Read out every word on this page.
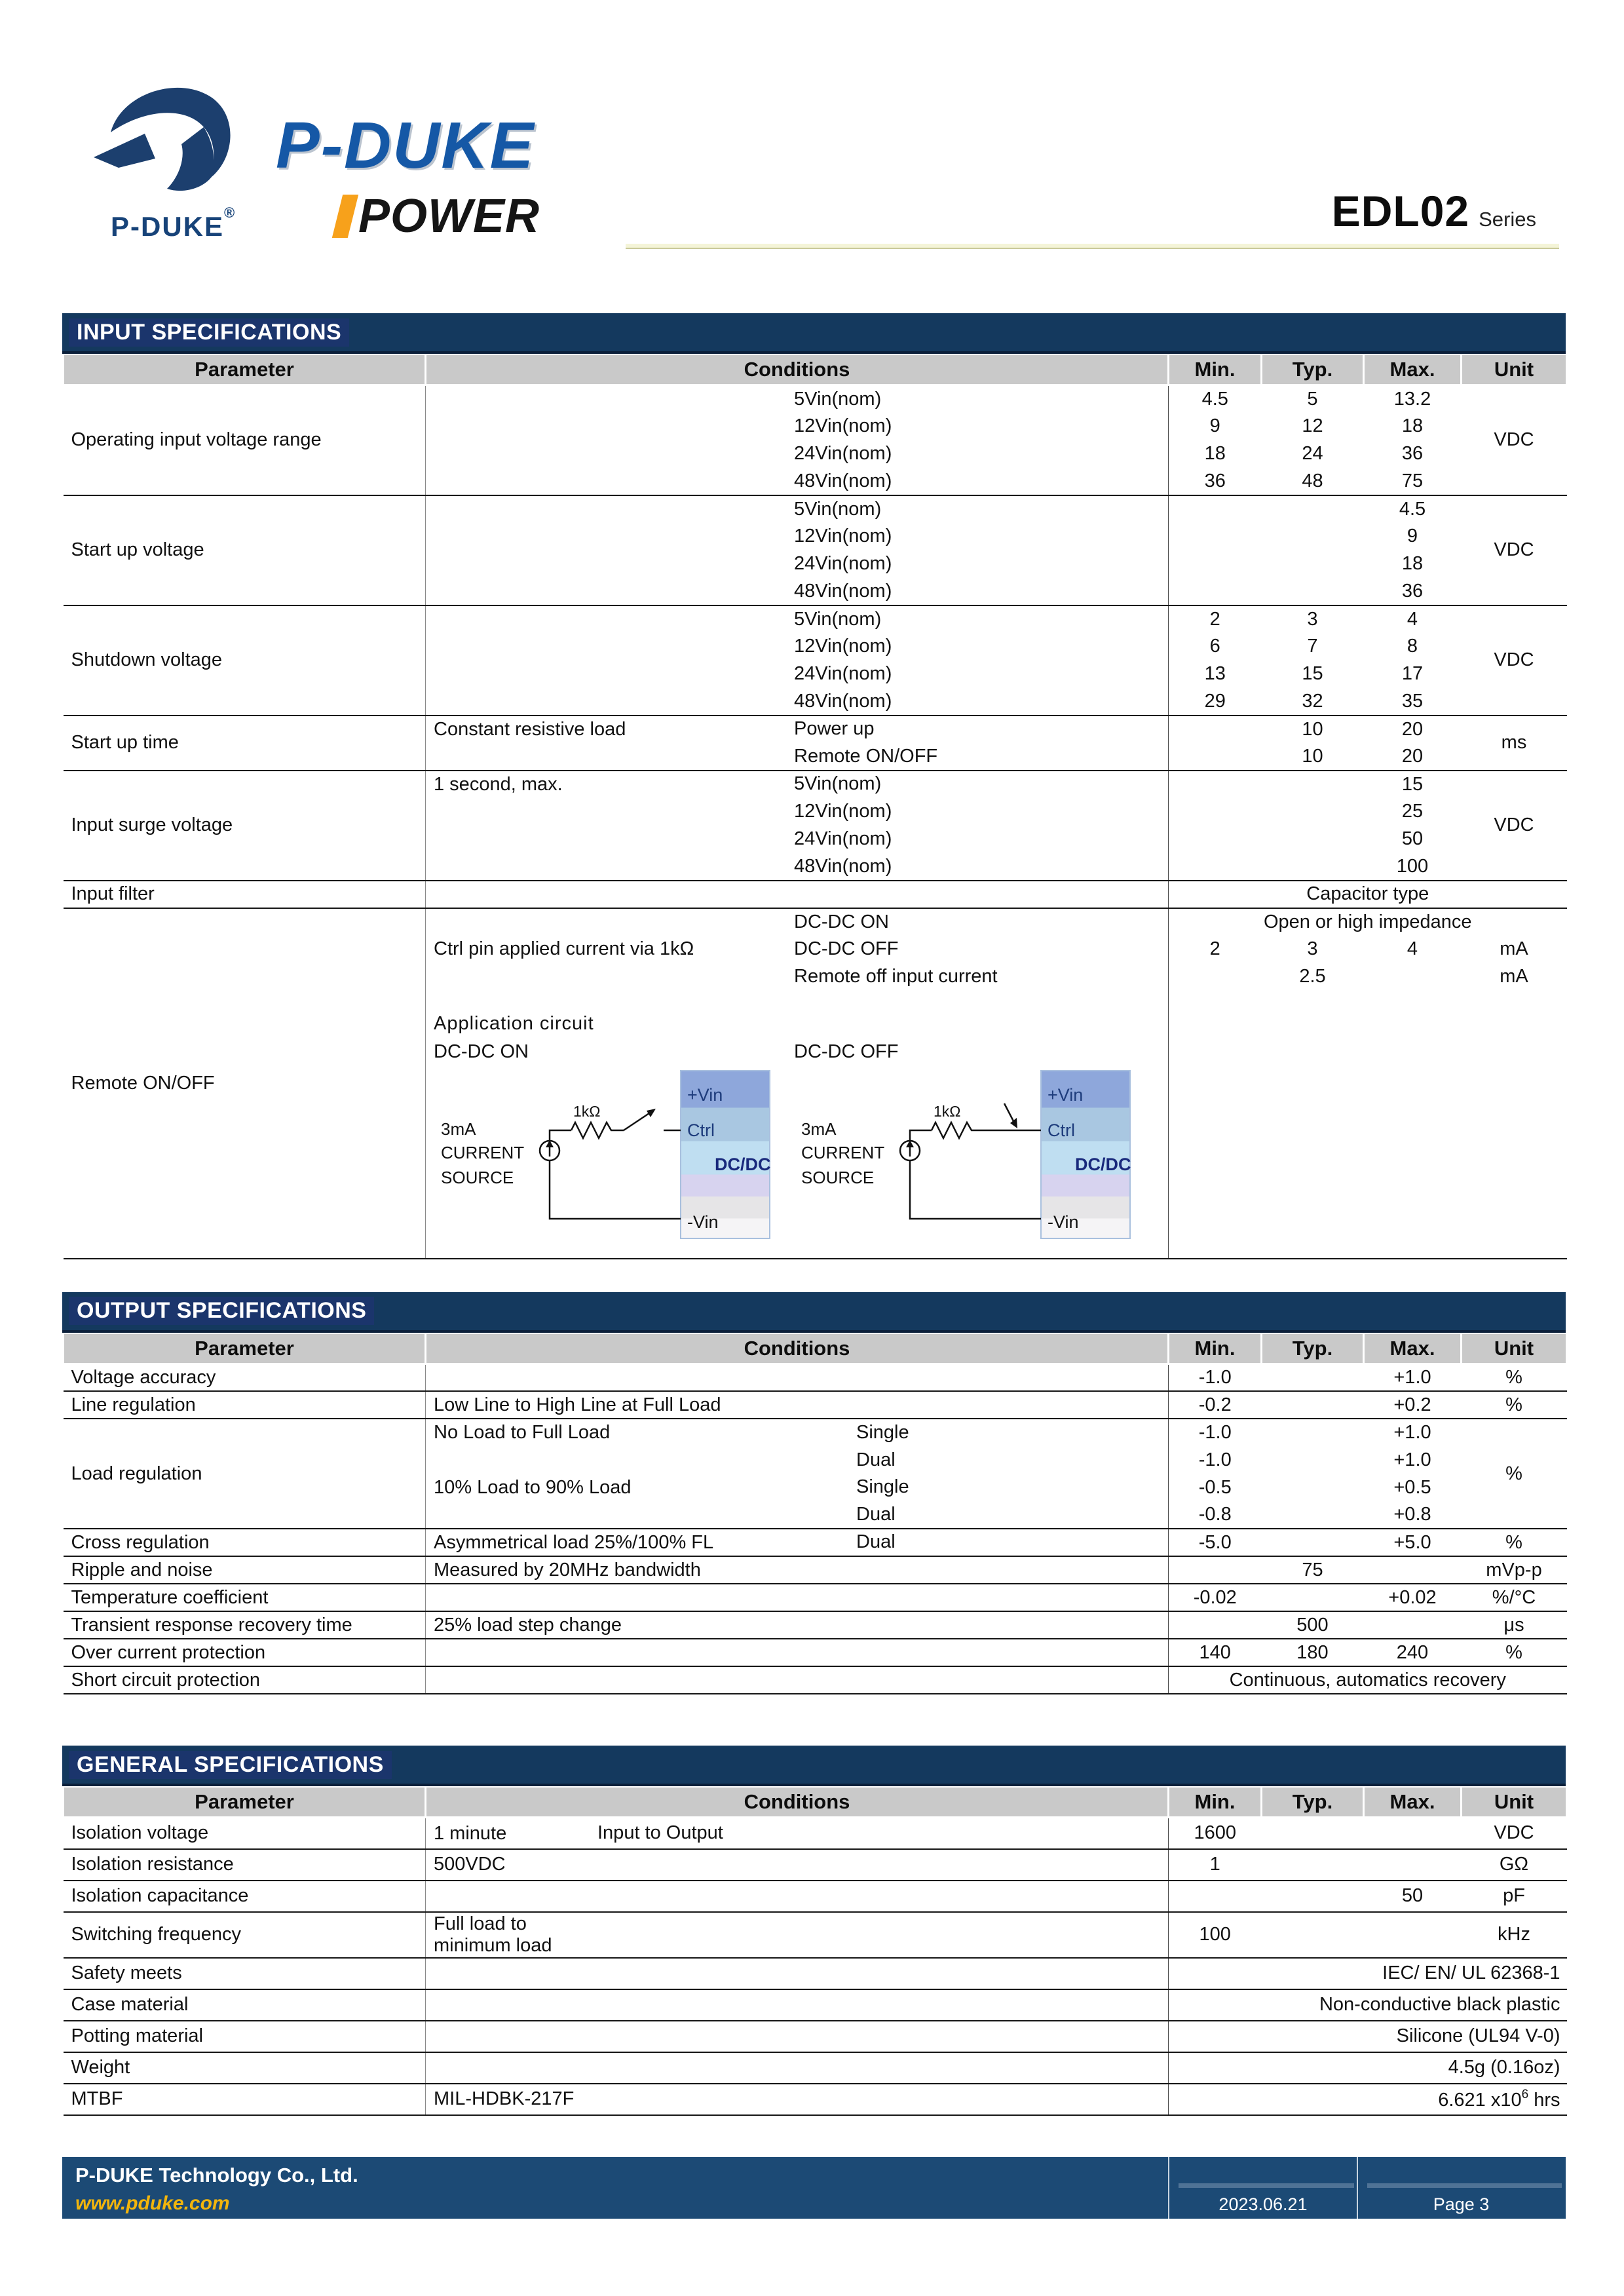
P-DUKE®
P-DUKE
POWER	EDL02 Series
INPUT SPECIFICATIONS
Parameter	Conditions	Min.	Typ.	Max.	Unit
Operating input voltage range	5Vin(nom)	4.5	5	13.2	VDC
	12Vin(nom)	9	12	18	
	24Vin(nom)	18	24	36	
	48Vin(nom)	36	48	75	
Start up voltage	5Vin(nom)			4.5	VDC
	12Vin(nom)			9	
	24Vin(nom)			18	
	48Vin(nom)			36	
Shutdown voltage	5Vin(nom)	2	3	4	VDC
	12Vin(nom)	6	7	8	
	24Vin(nom)	13	15	17	
	48Vin(nom)	29	32	35	
Start up time	Constant resistive load Power up		10	20	ms
	Remote ON/OFF		10	20	
Input surge voltage	1 second, max. 5Vin(nom)			15	VDC
	12Vin(nom)			25	
	24Vin(nom)			50	
	48Vin(nom)			100	
Input filter		Capacitor type			
Remote ON/OFF	DC-DC ON	Open or high impedance			
	Ctrl pin applied current via 1kΩ DC-DC OFF	2	3	4	mA
	Remote off input current		2.5		mA

Application circuit
DC-DC ON	DC-DC OFF
3mA
CURRENT
SOURCE
1kΩ
+Vin
Ctrl
DC/DC
-Vin
3mA
CURRENT
SOURCE
1kΩ
+Vin
Ctrl
DC/DC
-Vin

OUTPUT SPECIFICATIONS
Parameter	Conditions	Min.	Typ.	Max.	Unit
Voltage accuracy		-1.0		+1.0	%
Line regulation	Low Line to High Line at Full Load	-0.2		+0.2	%
Load regulation	No Load to Full Load Single	-1.0		+1.0	%
	Dual	-1.0		+1.0	
	10% Load to 90% Load Single	-0.5		+0.5	
	Dual	-0.8		+0.8	
Cross regulation	Asymmetrical load 25%/100% FL Dual	-5.0		+5.0	%
Ripple and noise	Measured by 20MHz bandwidth		75		mVp-p
Temperature coefficient		-0.02		+0.02	%/°C
Transient response recovery time	25% load step change		500		μs
Over current protection		140	180	240	%
Short circuit protection		Continuous, automatics recovery			
GENERAL SPECIFICATIONS
Parameter	Conditions	Min.	Typ.	Max.	Unit
Isolation voltage	1 minute Input to Output	1600			VDC
Isolation resistance	500VDC	1			GΩ
Isolation capacitance				50	pF
Switching frequency	Full load to minimum load	100			kHz
Safety meets		IEC/ EN/ UL 62368-1			
Case material		Non-conductive black plastic			
Potting material		Silicone (UL94 V-0)			
Weight		4.5g (0.16oz)			
MTBF	MIL-HDBK-217F	6.621 $x10^6$ hrs			
P-DUKE Technology Co., Ltd.
www.pduke.com	2023.06.21	Page 3
